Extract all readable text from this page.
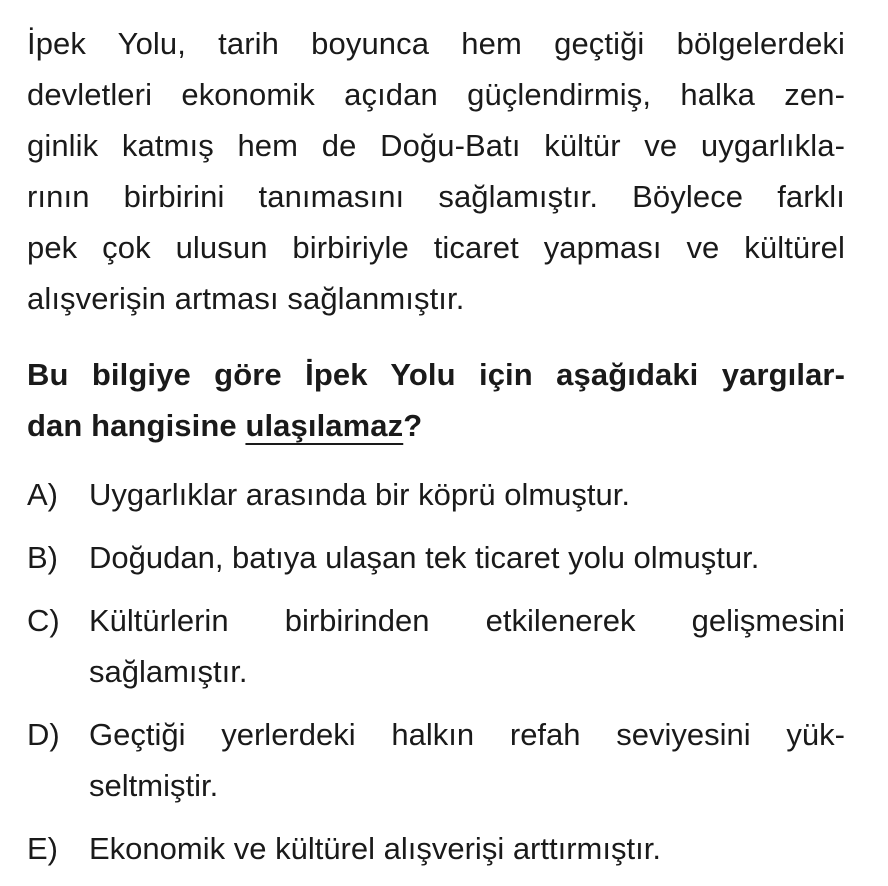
İpek Yolu, tarih boyunca hem geçtiği bölgelerdeki
devletleri ekonomik açıdan güçlendirmiş, halka zen-
ginlik katmış hem de Doğu-Batı kültür ve uygarlıkla-
rının birbirini tanımasını sağlamıştır. Böylece farklı
pek çok ulusun birbiriyle ticaret yapması ve kültürel
alışverişin artması sağlanmıştır.
Bu bilgiye göre İpek Yolu için aşağıdaki yargılar-
dan hangisine ulaşılamaz?
A)	Uygarlıklar arasında bir köprü olmuştur.
B)	Doğudan, batıya ulaşan tek ticaret yolu olmuştur.
C) Kültürlerin birbirinden etkilenerek gelişmesini
sağlamıştır.
D) Geçtiği yerlerdeki halkın refah seviyesini yük-
seltmiştir.
E)	Ekonomik ve kültürel alışverişi arttırmıştır.
